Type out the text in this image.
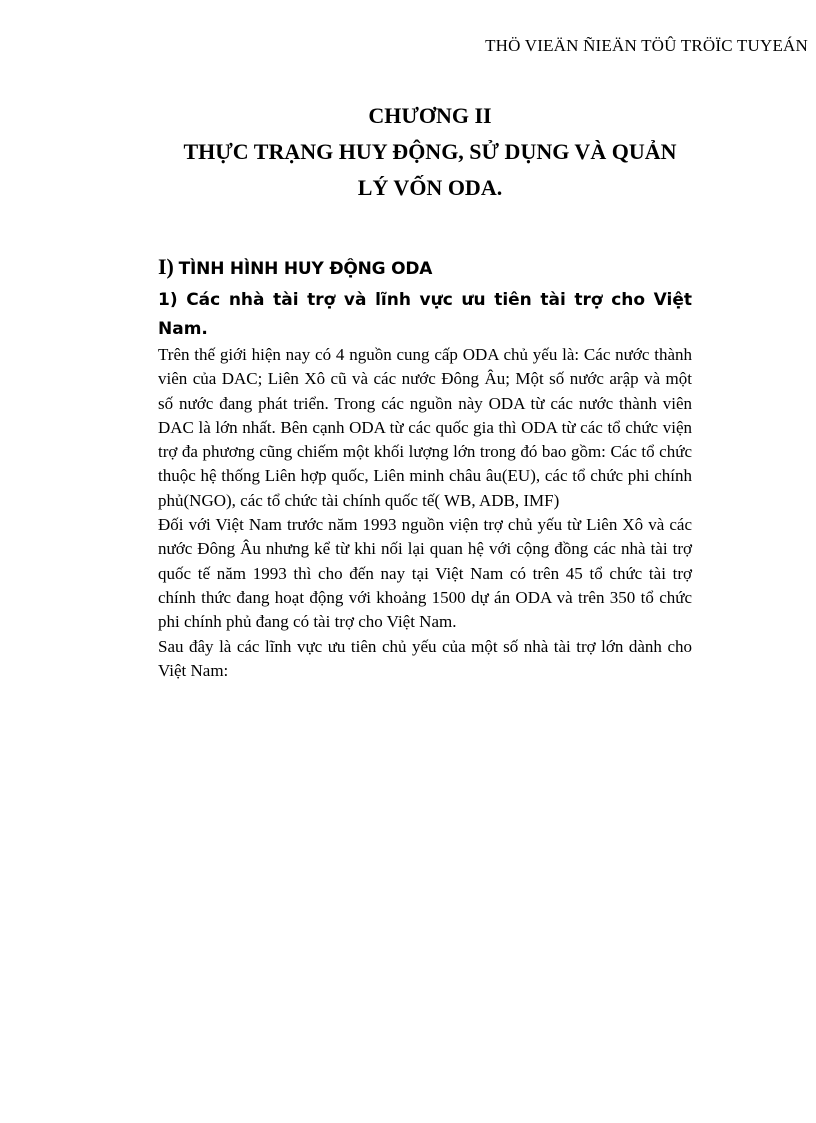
THÖ VIEÄN ÑIEÄN TÖÛ TRÖÏC TUYEÁN
CHƯƠNG II
THỰC TRẠNG HUY ĐỘNG, SỬ DỤNG VÀ QUẢN
LÝ VỐN ODA.
I) TÌNH HÌNH HUY ĐỘNG ODA
1) Các nhà tài trợ và lĩnh vực ưu tiên tài trợ cho Việt Nam.

Trên thế giới hiện nay có 4 nguồn cung cấp ODA chủ yếu là: Các nước thành viên của DAC; Liên Xô cũ và các nước Đông Âu; Một số nước arập và một số nước đang phát triển. Trong các nguồn này ODA từ các nước thành viên DAC là lớn nhất. Bên cạnh ODA từ các quốc gia thì ODA từ các tổ chức viện trợ đa phương cũng chiếm một khối lượng lớn trong đó bao gồm: Các tổ chức thuộc hệ thống Liên hợp quốc, Liên minh châu âu(EU), các tổ chức phi chính phủ(NGO), các tổ chức tài chính quốc tế( WB, ADB, IMF)

Đối với Việt Nam trước năm 1993 nguồn viện trợ chủ yếu từ Liên Xô và các nước Đông Âu nhưng kể từ khi nối lại quan hệ với cộng đồng các nhà tài trợ quốc tế năm 1993 thì cho đến nay tại Việt Nam có trên 45 tổ chức tài trợ chính thức đang hoạt động với khoảng 1500 dự án ODA và trên 350 tổ chức phi chính phủ đang có tài trợ cho Việt Nam.

Sau đây là các lĩnh vực ưu tiên chủ yếu của một số nhà tài trợ lớn dành cho Việt Nam:
